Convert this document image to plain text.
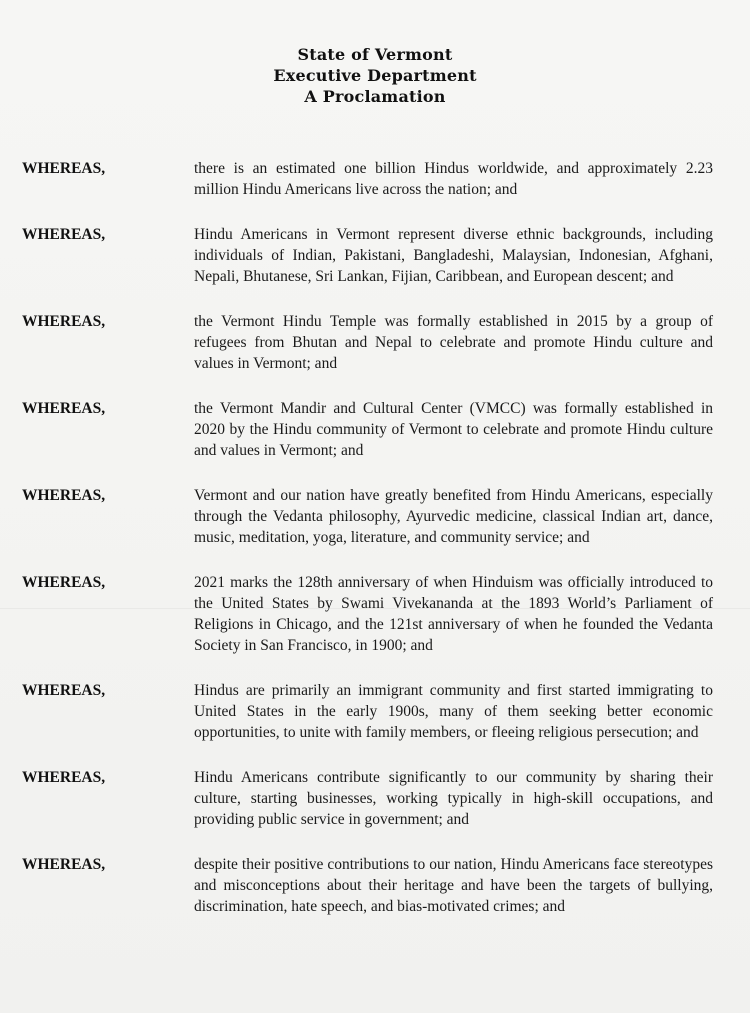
State of Vermont
Executive Department
A Proclamation
WHEREAS,	there is an estimated one billion Hindus worldwide, and approximately 2.23 million Hindu Americans live across the nation; and
WHEREAS,	Hindu Americans in Vermont represent diverse ethnic backgrounds, including individuals of Indian, Pakistani, Bangladeshi, Malaysian, Indonesian, Afghani, Nepali, Bhutanese, Sri Lankan, Fijian, Caribbean, and European descent; and
WHEREAS,	the Vermont Hindu Temple was formally established in 2015 by a group of refugees from Bhutan and Nepal to celebrate and promote Hindu culture and values in Vermont; and
WHEREAS,	the Vermont Mandir and Cultural Center (VMCC) was formally established in 2020 by the Hindu community of Vermont to celebrate and promote Hindu culture and values in Vermont; and
WHEREAS,	Vermont and our nation have greatly benefited from Hindu Americans, especially through the Vedanta philosophy, Ayurvedic medicine, classical Indian art, dance, music, meditation, yoga, literature, and community service; and
WHEREAS,	2021 marks the 128th anniversary of when Hinduism was officially introduced to the United States by Swami Vivekananda at the 1893 World’s Parliament of Religions in Chicago, and the 121st anniversary of when he founded the Vedanta Society in San Francisco, in 1900; and
WHEREAS,	Hindus are primarily an immigrant community and first started immigrating to United States in the early 1900s, many of them seeking better economic opportunities, to unite with family members, or fleeing religious persecution; and
WHEREAS,	Hindu Americans contribute significantly to our community by sharing their culture, starting businesses, working typically in high-skill occupations, and providing public service in government; and
WHEREAS,	despite their positive contributions to our nation, Hindu Americans face stereotypes and misconceptions about their heritage and have been the targets of bullying, discrimination, hate speech, and bias-motivated crimes; and
